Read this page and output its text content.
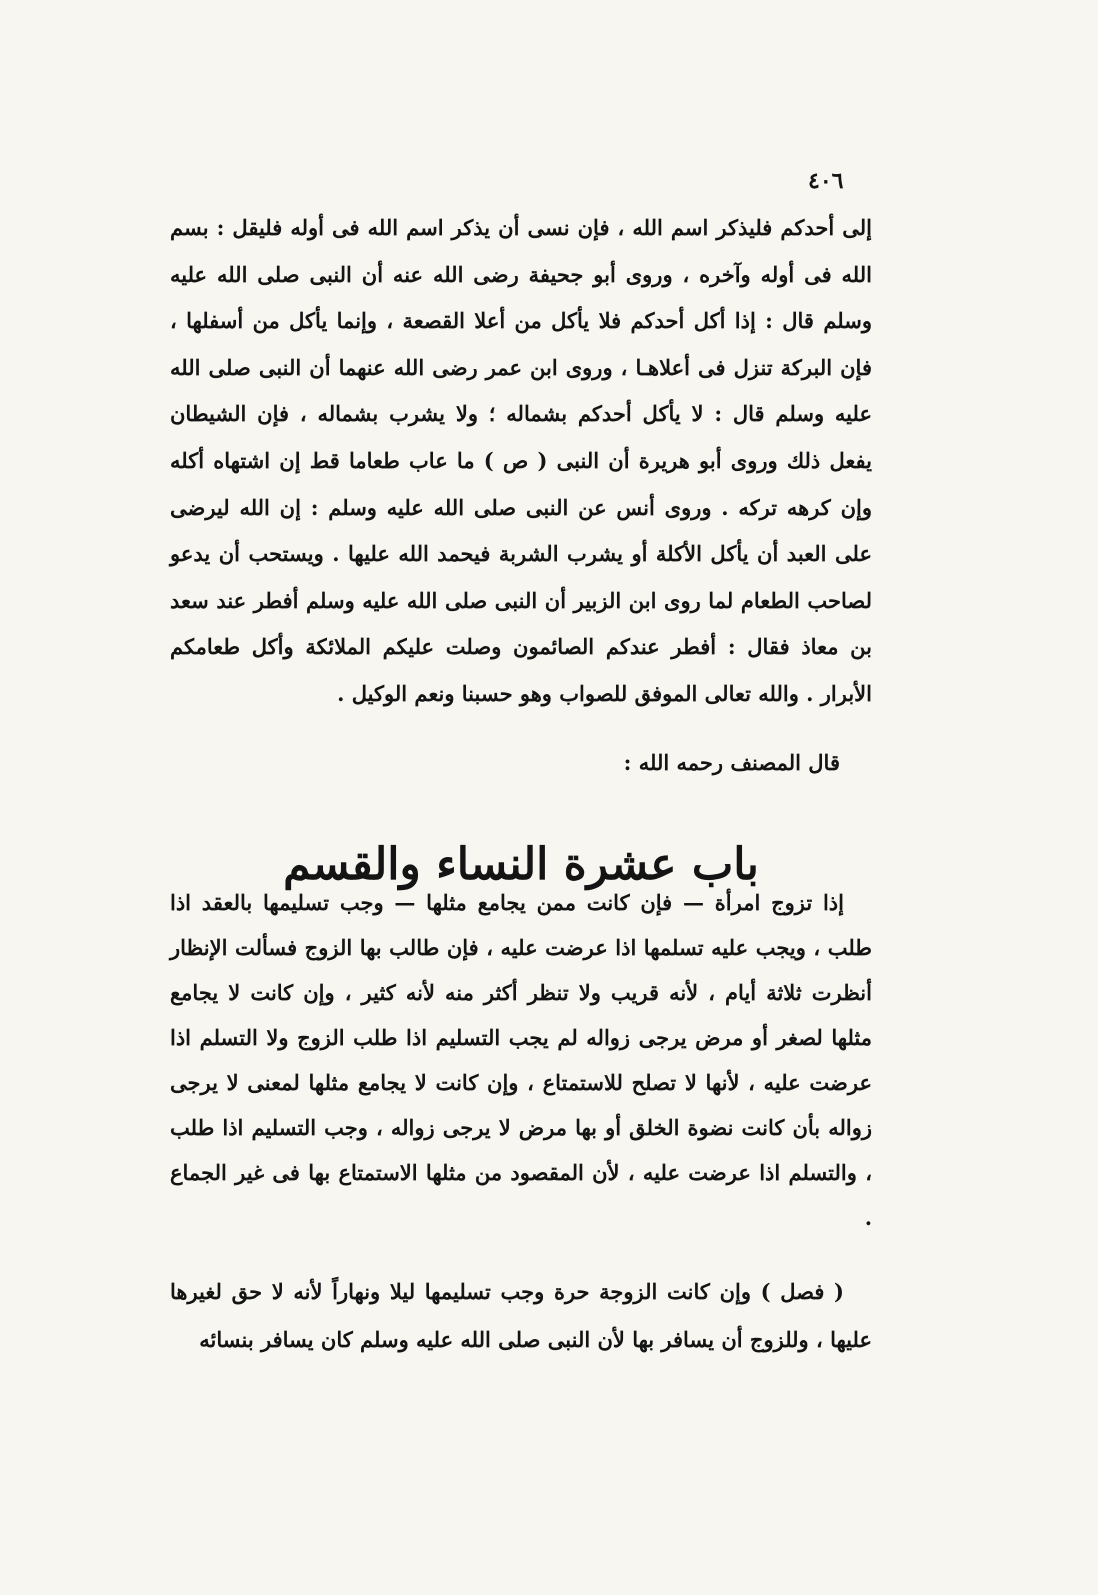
٤٠٦

إلى أحدكم فليذكر اسم الله ، فإن نسى أن يذكر اسم الله فى أوله فليقل : بسم الله فى أوله وآخره ، وروى أبو جحيفة رضى الله عنه أن النبى صلى الله عليه وسلم قال : إذا أكل أحدكم فلا يأكل من أعلا القصعة ، وإنما يأكل من أسفلها ، فإن البركة تنزل فى أعلاهـا ، وروى ابن عمر رضى الله عنهما أن النبى صلى الله عليه وسلم قال : لا يأكل أحدكم بشماله ؛ ولا يشرب بشماله ، فإن الشيطان يفعل ذلك وروى أبو هريرة أن النبى ( ص ) ما عاب طعاما قط إن اشتهاه أكله وإن كرهه تركه . وروى أنس عن النبى صلى الله عليه وسلم : إن الله ليرضى على العبد أن يأكل الأكلة أو يشرب الشربة فيحمد الله عليها . ويستحب أن يدعو لصاحب الطعام لما روى ابن الزبير أن النبى صلى الله عليه وسلم أفطر عند سعد بن معاذ فقال : أفطر عندكم الصائمون وصلت عليكم الملائكة وأكل طعامكم الأبرار . والله تعالى الموفق للصواب وهو حسبنا ونعم الوكيل .

قال المصنف رحمه الله :
باب عشرة النساء والقسم

إذا تزوج امرأة — فإن كانت ممن يجامع مثلها — وجب تسليمها بالعقد اذا طلب ، ويجب عليه تسلمها اذا عرضت عليه ، فإن طالب بها الزوج فسألت الإنظار أنظرت ثلاثة أيام ، لأنه قريب ولا تنظر أكثر منه لأنه كثير ، وإن كانت لا يجامع مثلها لصغر أو مرض يرجى زواله لم يجب التسليم اذا طلب الزوج ولا التسلم اذا عرضت عليه ، لأنها لا تصلح للاستمتاع ، وإن كانت لا يجامع مثلها لمعنى لا يرجى زواله بأن كانت نضوة الخلق أو بها مرض لا يرجى زواله ، وجب التسليم اذا طلب ، والتسلم اذا عرضت عليه ، لأن المقصود من مثلها الاستمتاع بها فى غير الجماع .

( فصل ) وإن كانت الزوجة حرة وجب تسليمها ليلا ونهاراً لأنه لا حق لغيرها عليها ، وللزوج أن يسافر بها لأن النبى صلى الله عليه وسلم كان يسافر بنسائه
